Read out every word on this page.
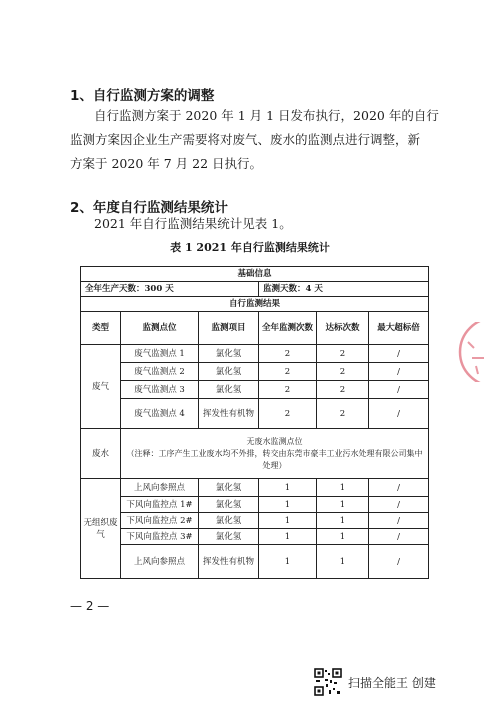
1、自行监测方案的调整
自行监测方案于 2020 年 1 月 1 日发布执行，2020 年的自行
监测方案因企业生产需要将对废气、废水的监测点进行调整，新
方案于 2020 年 7 月 22 日执行。
2、年度自行监测结果统计
2021 年自行监测结果统计见表 1。
表 1 2021 年自行监测结果统计
基础信息					
全年生产天数：300 天			监测天数：4 天		
自行监测结果					
类型	监测点位	监测项目	全年监测次数	达标次数	最大超标倍
废气	废气监测点 1	氯化氢	2	2	/
	废气监测点 2	氯化氢	2	2	/
	废气监测点 3	氯化氢	2	2	/
	废气监测点 4	挥发性有机物	2	2	/
废水	无废水监测点位
（注释：工序产生工业废水均不外排，转交由东莞市豪丰工业污水处理有限公司集中处理）				

无组织废气	上风向参照点	氯化氢	1	1	/
	下风向监控点 1#	氯化氢	1	1	/
	下风向监控点 2#	氯化氢	1	1	/
	下风向监控点 3#	氯化氢	1	1	/
	上风向参照点	挥发性有机物	1	1	/
— 2 —
扫描全能王 创建
